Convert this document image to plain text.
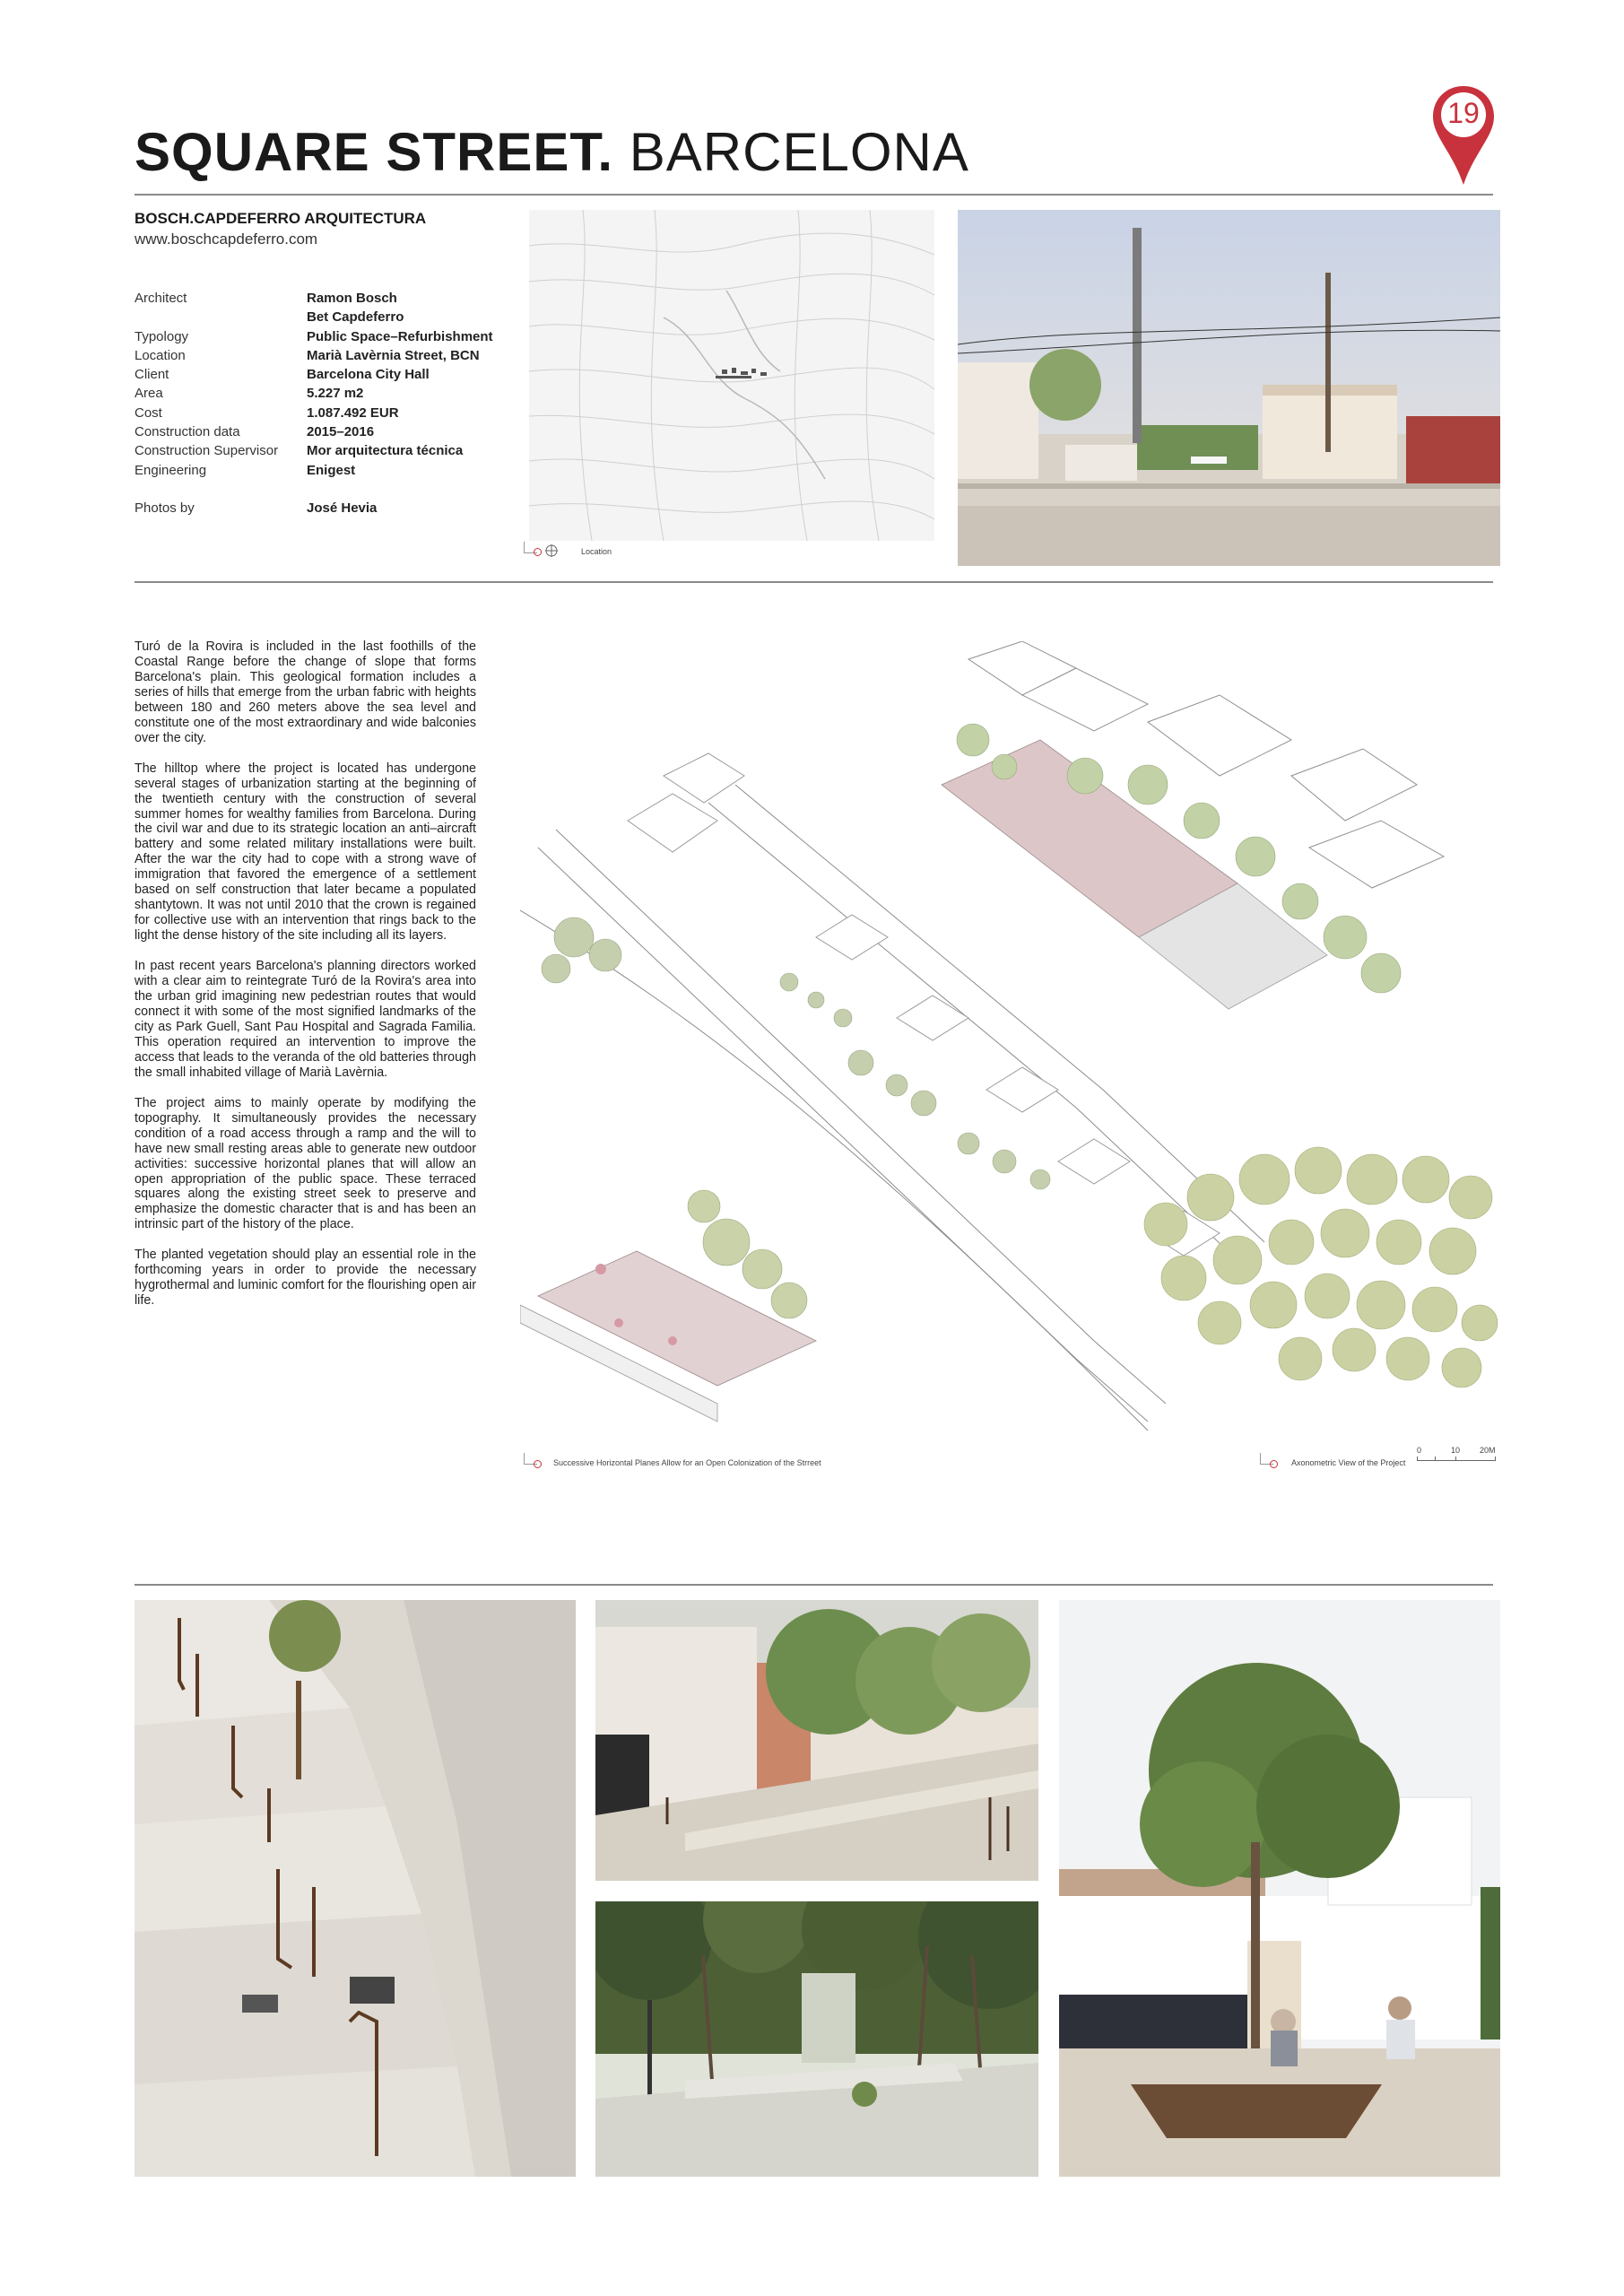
SQUARE STREET. BARCELONA
19
BOSCH.CAPDEFERRO ARQUITECTURA
www.boschcapdeferro.com
Architect	Ramon Bosch
Bet Capdeferro
Typology	Public Space–Refurbishment
Location	Marià Lavèrnia Street, BCN
Client	Barcelona City Hall
Area	5.227 m2
Cost	1.087.492 EUR
Construction data	2015–2016
Construction Supervisor	Mor arquitectura técnica
Engineering	Enigest
Photos by	José Hevia
Location

Turó de la Rovira is included in the last foothills of the Coastal Range before the change of slope that forms Barcelona's plain. This geological formation includes a series of hills that emerge from the urban fabric with heights between 180 and 260 meters above the sea level and constitute one of the most extraordinary and wide balconies over the city.

The hilltop where the project is located has undergone several stages of urbanization starting at the beginning of the twentieth century with the construction of several summer homes for wealthy families from Barcelona. During the civil war and due to its strategic location an anti–aircraft battery and some related military installations were built. After the war the city had to cope with a strong wave of immigration that favored the emergence of a settlement based on self construction that later became a populated shantytown. It was not until 2010 that the crown is regained for collective use with an intervention that rings back to the light the dense history of the site including all its layers.

In past recent years Barcelona's planning directors worked with a clear aim to reintegrate Turó de la Rovira's area into the urban grid imagining new pedestrian routes that would connect it with some of the most signified landmarks of the city as Park Guell, Sant Pau Hospital and Sagrada Familia. This operation required an intervention to improve the access that leads to the veranda of the old batteries through the small inhabited village of Marià Lavèrnia.

The project aims to mainly operate by modifying the topography. It simultaneously provides the necessary condition of a road access through a ramp and the will to have new small resting areas able to generate new outdoor activities: successive horizontal planes that will allow an open appropriation of the public space. These terraced squares along the existing street seek to preserve and emphasize the domestic character that is and has been an intrinsic part of the history of the place.

The planted vegetation should play an essential role in the forthcoming years in order to provide the necessary hygrothermal and luminic comfort for the flourishing open air life.

Successive Horizontal Planes Allow for an Open Colonization of the Strreet	Axonometric View of the Project
0	10 20M
